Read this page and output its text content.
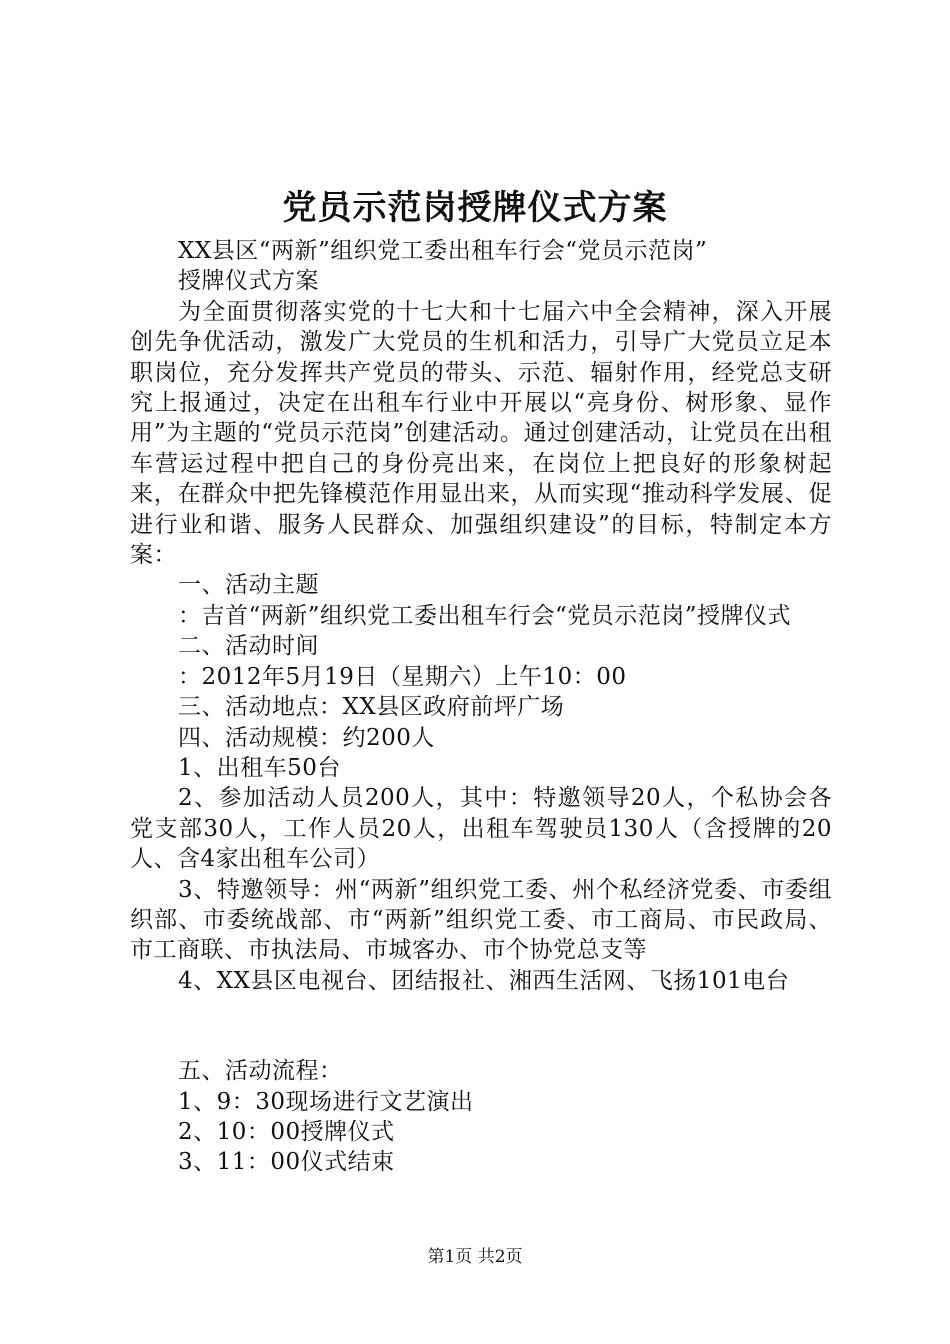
党员示范岗授牌仪式方案

XX县区“两新”组织党工委出租车行会“党员示范岗”

授牌仪式方案

为全面贯彻落实党的十七大和十七届六中全会精神，深入开展创先争优活动，激发广大党员的生机和活力，引导广大党员立足本职岗位，充分发挥共产党员的带头、示范、辐射作用，经党总支研究上报通过，决定在出租车行业中开展以“亮身份、树形象、显作用”为主题的“党员示范岗”创建活动。通过创建活动，让党员在出租车营运过程中把自己的身份亮出来，在岗位上把良好的形象树起来，在群众中把先锋模范作用显出来，从而实现“推动科学发展、促进行业和谐、服务人民群众、加强组织建设”的目标，特制定本方案：

一、活动主题

：吉首“两新”组织党工委出租车行会“党员示范岗”授牌仪式

二、活动时间

：2012年5月19日（星期六）上午10：00

三、活动地点：XX县区政府前坪广场

四、活动规模：约200人

1、出租车50台

2、参加活动人员200人，其中：特邀领导20人，个私协会各党支部30人，工作人员20人，出租车驾驶员130人（含授牌的20人、含4家出租车公司）

3、特邀领导：州“两新”组织党工委、州个私经济党委、市委组织部、市委统战部、市“两新”组织党工委、市工商局、市民政局、市工商联、市执法局、市城客办、市个协党总支等

4、XX县区电视台、团结报社、湘西生活网、飞扬101电台

五、活动流程：

1、9：30现场进行文艺演出

2、10：00授牌仪式

3、11：00仪式结束

第1页 共2页
